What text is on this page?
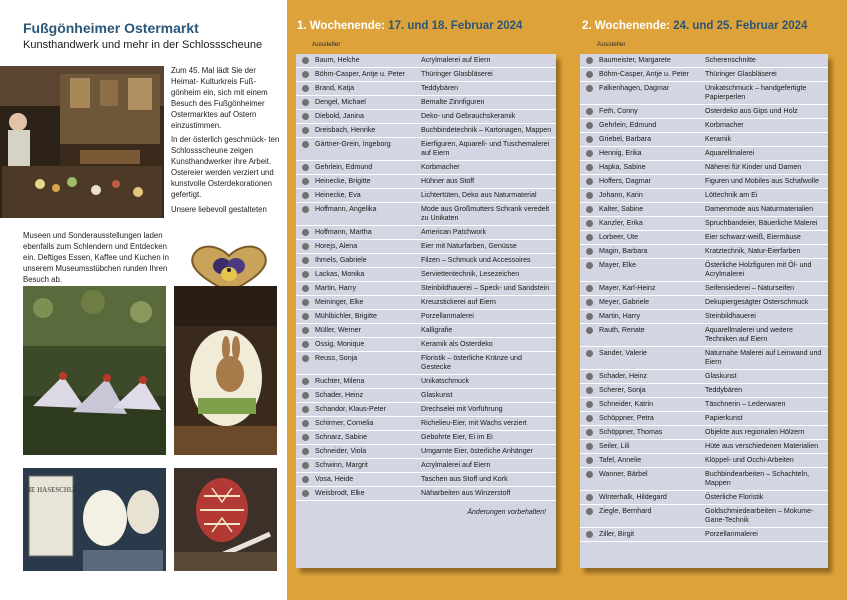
Fußgönheimer Ostermarkt
Kunsthandwerk und mehr in der Schlossscheune

Zum 45. Mal lädt Sie der Heimat- Kulturkreis Fuß- gönheim ein, sich mit einem Besuch des Fußgönheimer Ostermarktes auf Ostern einzustimmen.

In der österlich geschmück- ten Schlossscheune zeigen Kunsthandwerker ihre Arbeit. Ostereier werden verziert und kunstvolle Osterdekorationen gefertigt.

Unsere liebevoll gestalteten

Museen und Sonderausstellungen laden ebenfalls zum Schlendern und Entdecken ein. Deftiges Essen, Kaffee und Kuchen in unserem Museumsstübchen runden Ihren Besuch ab.
DIE HASESCHUL
1. Wochenende: 17. und 18. Februar 2024
Aussteller
Baum, Helche	Acrylmalerei auf Eiern
Böhm-Casper, Antje u. Peter	Thüringer Glasbläserei
Brand, Katja	Teddybären
Dengel, Michael	Bemalte Zinnfiguren
Diebold, Janina	Deko- und Gebrauchskeramik
Dreisbach, Henrike	Buchbindetechnik – Kartonagen, Mappen
Gärtner-Grein, Ingeborg	Eierfiguren, Aquarell- und Tuschemalerei auf Eiern
Gehrlein, Edmund	Korbmacher
Heinecke, Brigitte	Hühner aus Stoff
Heinecke, Eva	Lichtertüten, Deko aus Naturmaterial
Hoffmann, Angelika	Mode aus Großmutters Schrank veredelt zu Unikaten
Hoffmann, Martha	American Patchwork
Horejs, Alena	Eier mit Naturfarben, Genüsse
Ihmels, Gabriele	Filzen – Schmuck und Accessoires
Lackas, Monika	Serviettentechnik, Lesezeichen
Martin, Harry	Steinbildhauerei – Speck- und Sandstein
Meininger, Elke	Kreuzstickerei auf Eiern
Mühlbichler, Brigitte	Porzellanmalerei
Müller, Werner	Kalligrafie
Ossig, Monique	Keramik als Osterdeko
Reuss, Sonja	Floristik – österliche Kränze und Gestecke
Ruchter, Milena	Unikatschmuck
Schader, Heinz	Glaskunst
Schandor, Klaus-Peter	Drechselei mit Vorführung
Schirmer, Cornelia	Richelieu-Eier, mit Wachs verziert
Schnarz, Sabine	Gebohrte Eier, Ei im Ei
Schneider, Viola	Umgarnte Eier, österliche Anhänger
Schwinn, Margrit	Acrylmalerei auf Eiern
Vosa, Heide	Taschen aus Stoff und Kork
Weisbrodt, Elke	Näharbeiten aus Winzerstoff
Änderungen vorbehalten!
2. Wochenende: 24. und 25. Februar 2024
Aussteller
Baumeister, Margarete	Scherenschnitte
Böhm-Casper, Antje u. Peter	Thüringer Glasbläserei
Falkenhagen, Dagmar	Unikatschmuck – handgefertigte Papierperlen
Feth, Conny	Osterdeko aus Gips und Holz
Gehrlein, Edmund	Korbmacher
Griebel, Barbara	Keramik
Hennig, Erika	Aquarellmalerei
Hapka, Sabine	Näherei für Kinder und Damen
Hoffers, Dagmar	Figuren und Mobiles aus Schafwolle
Johann, Karin	Löttechnik am Ei
Kalter, Sabine	Damenmode aus Naturmaterialien
Kanzler, Erika	Spruchbandeier, Bäuerliche Malerei
Lorbeer, Ute	Eier schwarz-weiß, Eiermäuse
Magin, Barbara	Kratztechnik, Natur-Eierfarben
Mayer, Elke	Österliche Holzfiguren mit Öl- und Acrylmalerei
Mayer, Karl-Heinz	Seifensiederei – Naturseifen
Meyer, Gabriele	Dekupiergesägter Osterschmuck
Martin, Harry	Steinbildhauerei
Rauth, Renate	Aquarellmalerei und weitere Techniken auf Eiern
Sander, Valerie	Naturnahe Malerei auf Leinwand und Eiern
Schader, Heinz	Glaskunst
Scherer, Sonja	Teddybären
Schneider, Katrin	Täschnerin – Lederwaren
Schöppner, Petra	Papierkunst
Schöppner, Thomas	Objekte aus regionalen Hölzern
Seiler, Lili	Hüte aus verschiedenen Materialien
Tafel, Annelie	Klöppel- und Occhi-Arbeiten
Wanner, Bärbel	Buchbindearbeiten – Schachteln, Mappen
Winterhalk, Hildegard	Österliche Floristik
Ziegle, Bernhard	Goldschmiedearbeiten – Mokume-Gane-Technik
Ziller, Birgit	Porzellanmalerei
